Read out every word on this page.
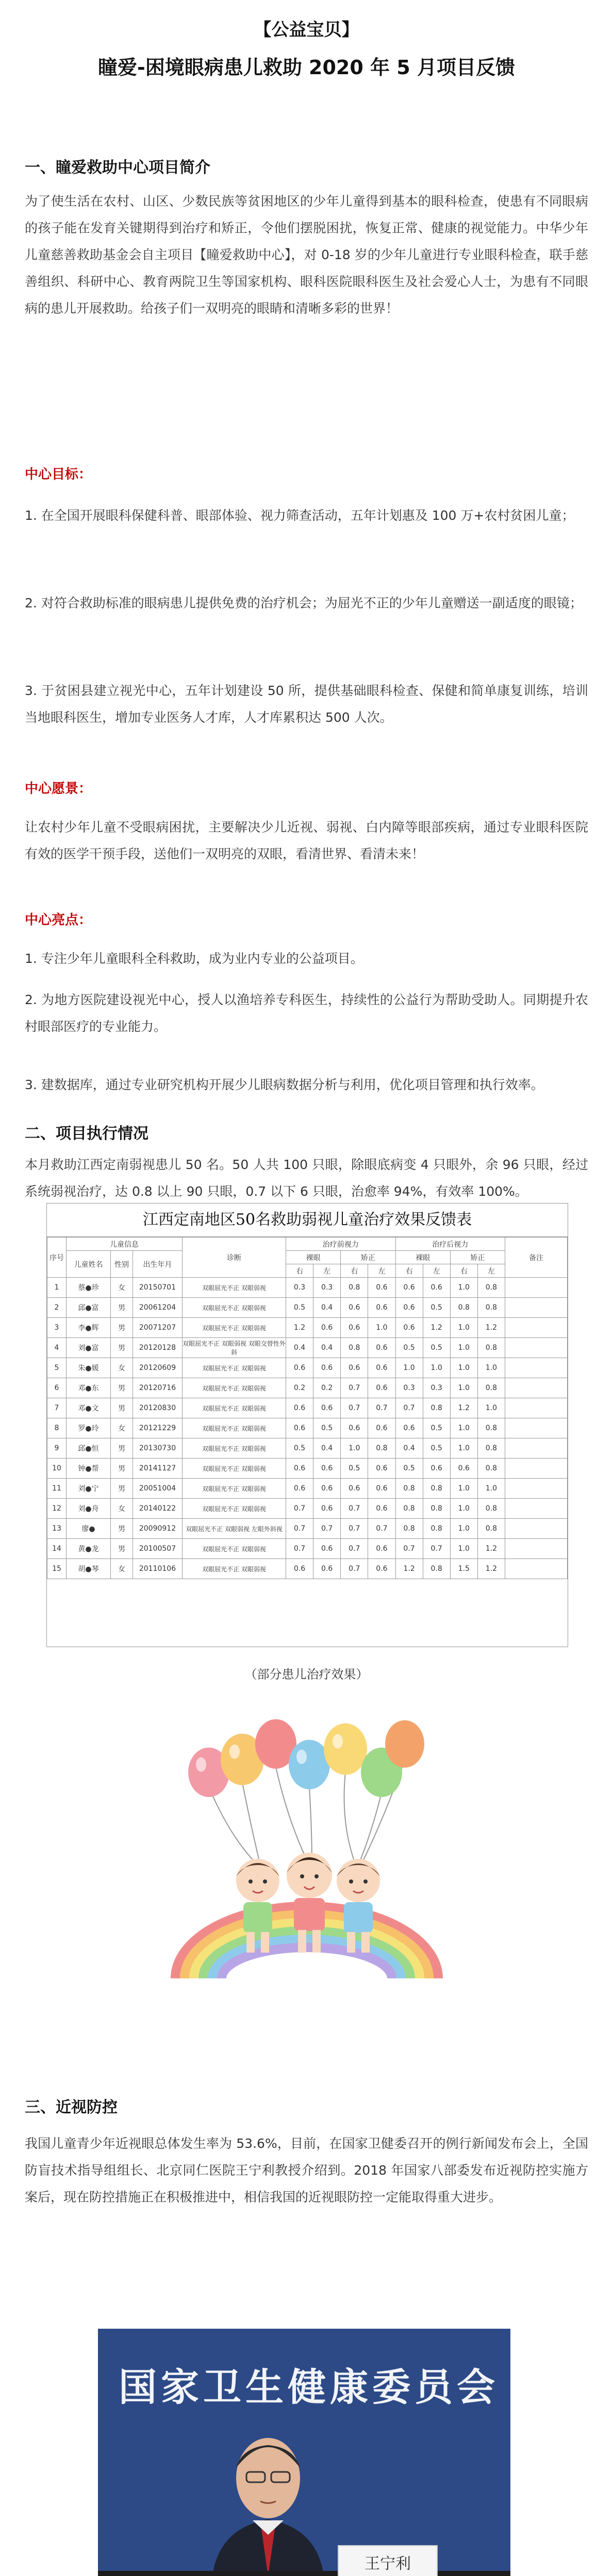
【公益宝贝】
瞳爱-困境眼病患儿救助 2020 年 5 月项目反馈
一、瞳爱救助中心项目简介
为了使生活在农村、山区、少数民族等贫困地区的少年儿童得到基本的眼科检查，使患有不同眼病的孩子能在发育关键期得到治疗和矫正，令他们摆脱困扰，恢复正常、健康的视觉能力。中华少年儿童慈善救助基金会自主项目【瞳爱救助中心】，对 0-18 岁的少年儿童进行专业眼科检查，联手慈善组织、科研中心、教育两院卫生等国家机构、眼科医院眼科医生及社会爱心人士，为患有不同眼病的患儿开展救助。给孩子们一双明亮的眼睛和清晰多彩的世界！
中心目标：
1. 在全国开展眼科保健科普、眼部体验、视力筛查活动，五年计划惠及 100 万+农村贫困儿童；
2. 对符合救助标准的眼病患儿提供免费的治疗机会；为屈光不正的少年儿童赠送一副适度的眼镜；
3. 于贫困县建立视光中心，五年计划建设 50 所，提供基础眼科检查、保健和简单康复训练，培训当地眼科医生，增加专业医务人才库，人才库累积达 500 人次。
中心愿景：
让农村少年儿童不受眼病困扰，主要解决少儿近视、弱视、白内障等眼部疾病，通过专业眼科医院有效的医学干预手段，送他们一双明亮的双眼，看清世界、看清未来！
中心亮点：
1. 专注少年儿童眼科全科救助，成为业内专业的公益项目。
2. 为地方医院建设视光中心，授人以渔培养专科医生，持续性的公益行为帮助受助人。同期提升农村眼部医疗的专业能力。
3. 建数据库，通过专业研究机构开展少儿眼病数据分析与利用，优化项目管理和执行效率。
二、项目执行情况
本月救助江西定南弱视患儿 50 名。50 人共 100 只眼，除眼底病变 4 只眼外，余 96 只眼，经过系统弱视治疗，达 0.8 以上 90 只眼，0.7 以下 6 只眼，治愈率 94%，有效率 100%。
江西定南地区50名救助弱视儿童治疗效果反馈表
序号	儿童信息			诊断	治疗前视力				治疗后视力				备注
	儿童姓名	性别	出生年月		裸眼		矫正		裸眼		矫正		
					右	左	右	左	右	左	右	左	
1	蔡●珍	女	20150701	双眼屈光不正 双眼弱视	0.3	0.3	0.8	0.6	0.6	0.6	1.0	0.8	
2	邱●富	男	20061204	双眼屈光不正 双眼弱视	0.5	0.4	0.6	0.6	0.6	0.5	0.8	0.8	
3	李●辉	男	20071207	双眼屈光不正 双眼弱视	1.2	0.6	0.6	1.0	0.6	1.2	1.0	1.2	
4	刘●富	男	20120128	双眼屈光不正 双眼弱视 双眼交替性外斜	0.4	0.4	0.8	0.6	0.5	0.5	1.0	0.8	
5	朱●媛	女	20120609	双眼屈光不正 双眼弱视	0.6	0.6	0.6	0.6	1.0	1.0	1.0	1.0	
6	邓●东	男	20120716	双眼屈光不正 双眼弱视	0.2	0.2	0.7	0.6	0.3	0.3	1.0	0.8	
7	邓●文	男	20120830	双眼屈光不正 双眼弱视	0.6	0.6	0.7	0.7	0.7	0.8	1.2	1.0	
8	罗●玲	女	20121229	双眼屈光不正 双眼弱视	0.6	0.5	0.6	0.6	0.6	0.5	1.0	0.8	
9	邱●恒	男	20130730	双眼屈光不正 双眼弱视	0.5	0.4	1.0	0.8	0.4	0.5	1.0	0.8	
10	钟●帮	男	20141127	双眼屈光不正 双眼弱视	0.6	0.6	0.5	0.6	0.5	0.6	0.6	0.8	
11	刘●宁	男	20051004	双眼屈光不正 双眼弱视	0.6	0.6	0.6	0.6	0.8	0.8	1.0	1.0	
12	刘●舟	女	20140122	双眼屈光不正 双眼弱视	0.7	0.6	0.7	0.6	0.8	0.8	1.0	0.8	
13	廖●	男	20090912	双眼屈光不正 双眼弱视 左眼外斜视	0.7	0.7	0.7	0.7	0.8	0.8	1.0	0.8	
14	黄●龙	男	20100507	双眼屈光不正 双眼弱视	0.7	0.6	0.7	0.6	0.7	0.7	1.0	1.2	
15	胡●琴	女	20110106	双眼屈光不正 双眼弱视	0.6	0.6	0.7	0.6	1.2	0.8	1.5	1.2	
（部分患儿治疗效果）
三、近视防控
我国儿童青少年近视眼总体发生率为 53.6%，目前，在国家卫健委召开的例行新闻发布会上，全国防盲技术指导组组长、北京同仁医院王宁利教授介绍到。2018 年国家八部委发布近视防控实施方案后，现在防控措施正在积极推进中，相信我国的近视眼防控一定能取得重大进步。
国家卫生健康委员会
王宁利
